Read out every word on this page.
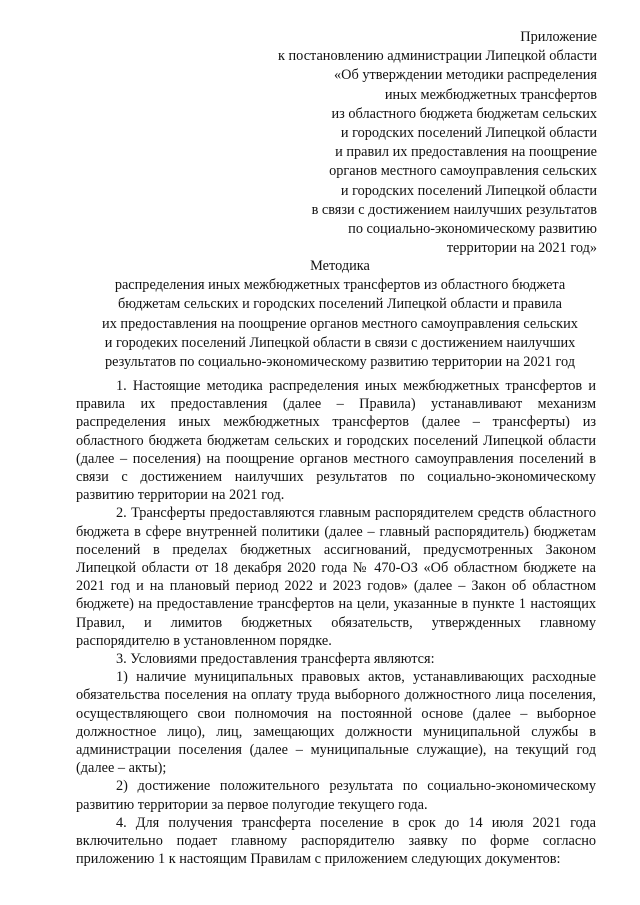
Приложение
к постановлению администрации Липецкой области
«Об утверждении методики распределения
иных межбюджетных трансфертов
из областного бюджета бюджетам сельских
и городских поселений Липецкой области
и правил их предоставления на поощрение
органов местного самоуправления сельских
и городских поселений Липецкой области
в связи с достижением наилучших результатов
по социально-экономическому развитию
территории на 2021 год»
Методика
распределения иных межбюджетных трансфертов из областного бюджета
бюджетам сельских и городских поселений Липецкой области и правила
их предоставления на поощрение органов местного самоуправления сельских
и городеких поселений Липецкой области в связи с достижением наилучших
результатов по социально-экономическому развитию территории на 2021 год

1. Настоящие методика распределения иных межбюджетных трансфертов и правила их предоставления (далее – Правила) устанавливают механизм распределения иных межбюджетных трансфертов (далее – трансферты) из областного бюджета бюджетам сельских и городских поселений Липецкой области (далее – поселения) на поощрение органов местного самоуправления поселений в связи с достижением наилучших результатов по социально-экономическому развитию территории на 2021 год.

2. Трансферты предоставляются главным распорядителем средств областного бюджета в сфере внутренней политики (далее – главный распорядитель) бюджетам поселений в пределах бюджетных ассигнований, предусмотренных Законом Липецкой области от 18 декабря 2020 года № 470-ОЗ «Об областном бюджете на 2021 год и на плановый период 2022 и 2023 годов» (далее – Закон об областном бюджете) на предоставление трансфертов на цели, указанные в пункте 1 настоящих Правил, и лимитов бюджетных обязательств, утвержденных главному распорядителю в установленном порядке.

3. Условиями предоставления трансферта являются:

1) наличие муниципальных правовых актов, устанавливающих расходные обязательства поселения на оплату труда выборного должностного лица поселения, осуществляющего свои полномочия на постоянной основе (далее – выборное должностное лицо), лиц, замещающих должности муниципальной службы в администрации поселения (далее – муниципальные служащие), на текущий год (далее – акты);

2) достижение положительного результата по социально-экономическому развитию территории за первое полугодие текущего года.

4. Для получения трансферта поселение в срок до 14 июля 2021 года включительно подает главному распорядителю заявку по форме согласно приложению 1 к настоящим Правилам с приложением следующих документов:
